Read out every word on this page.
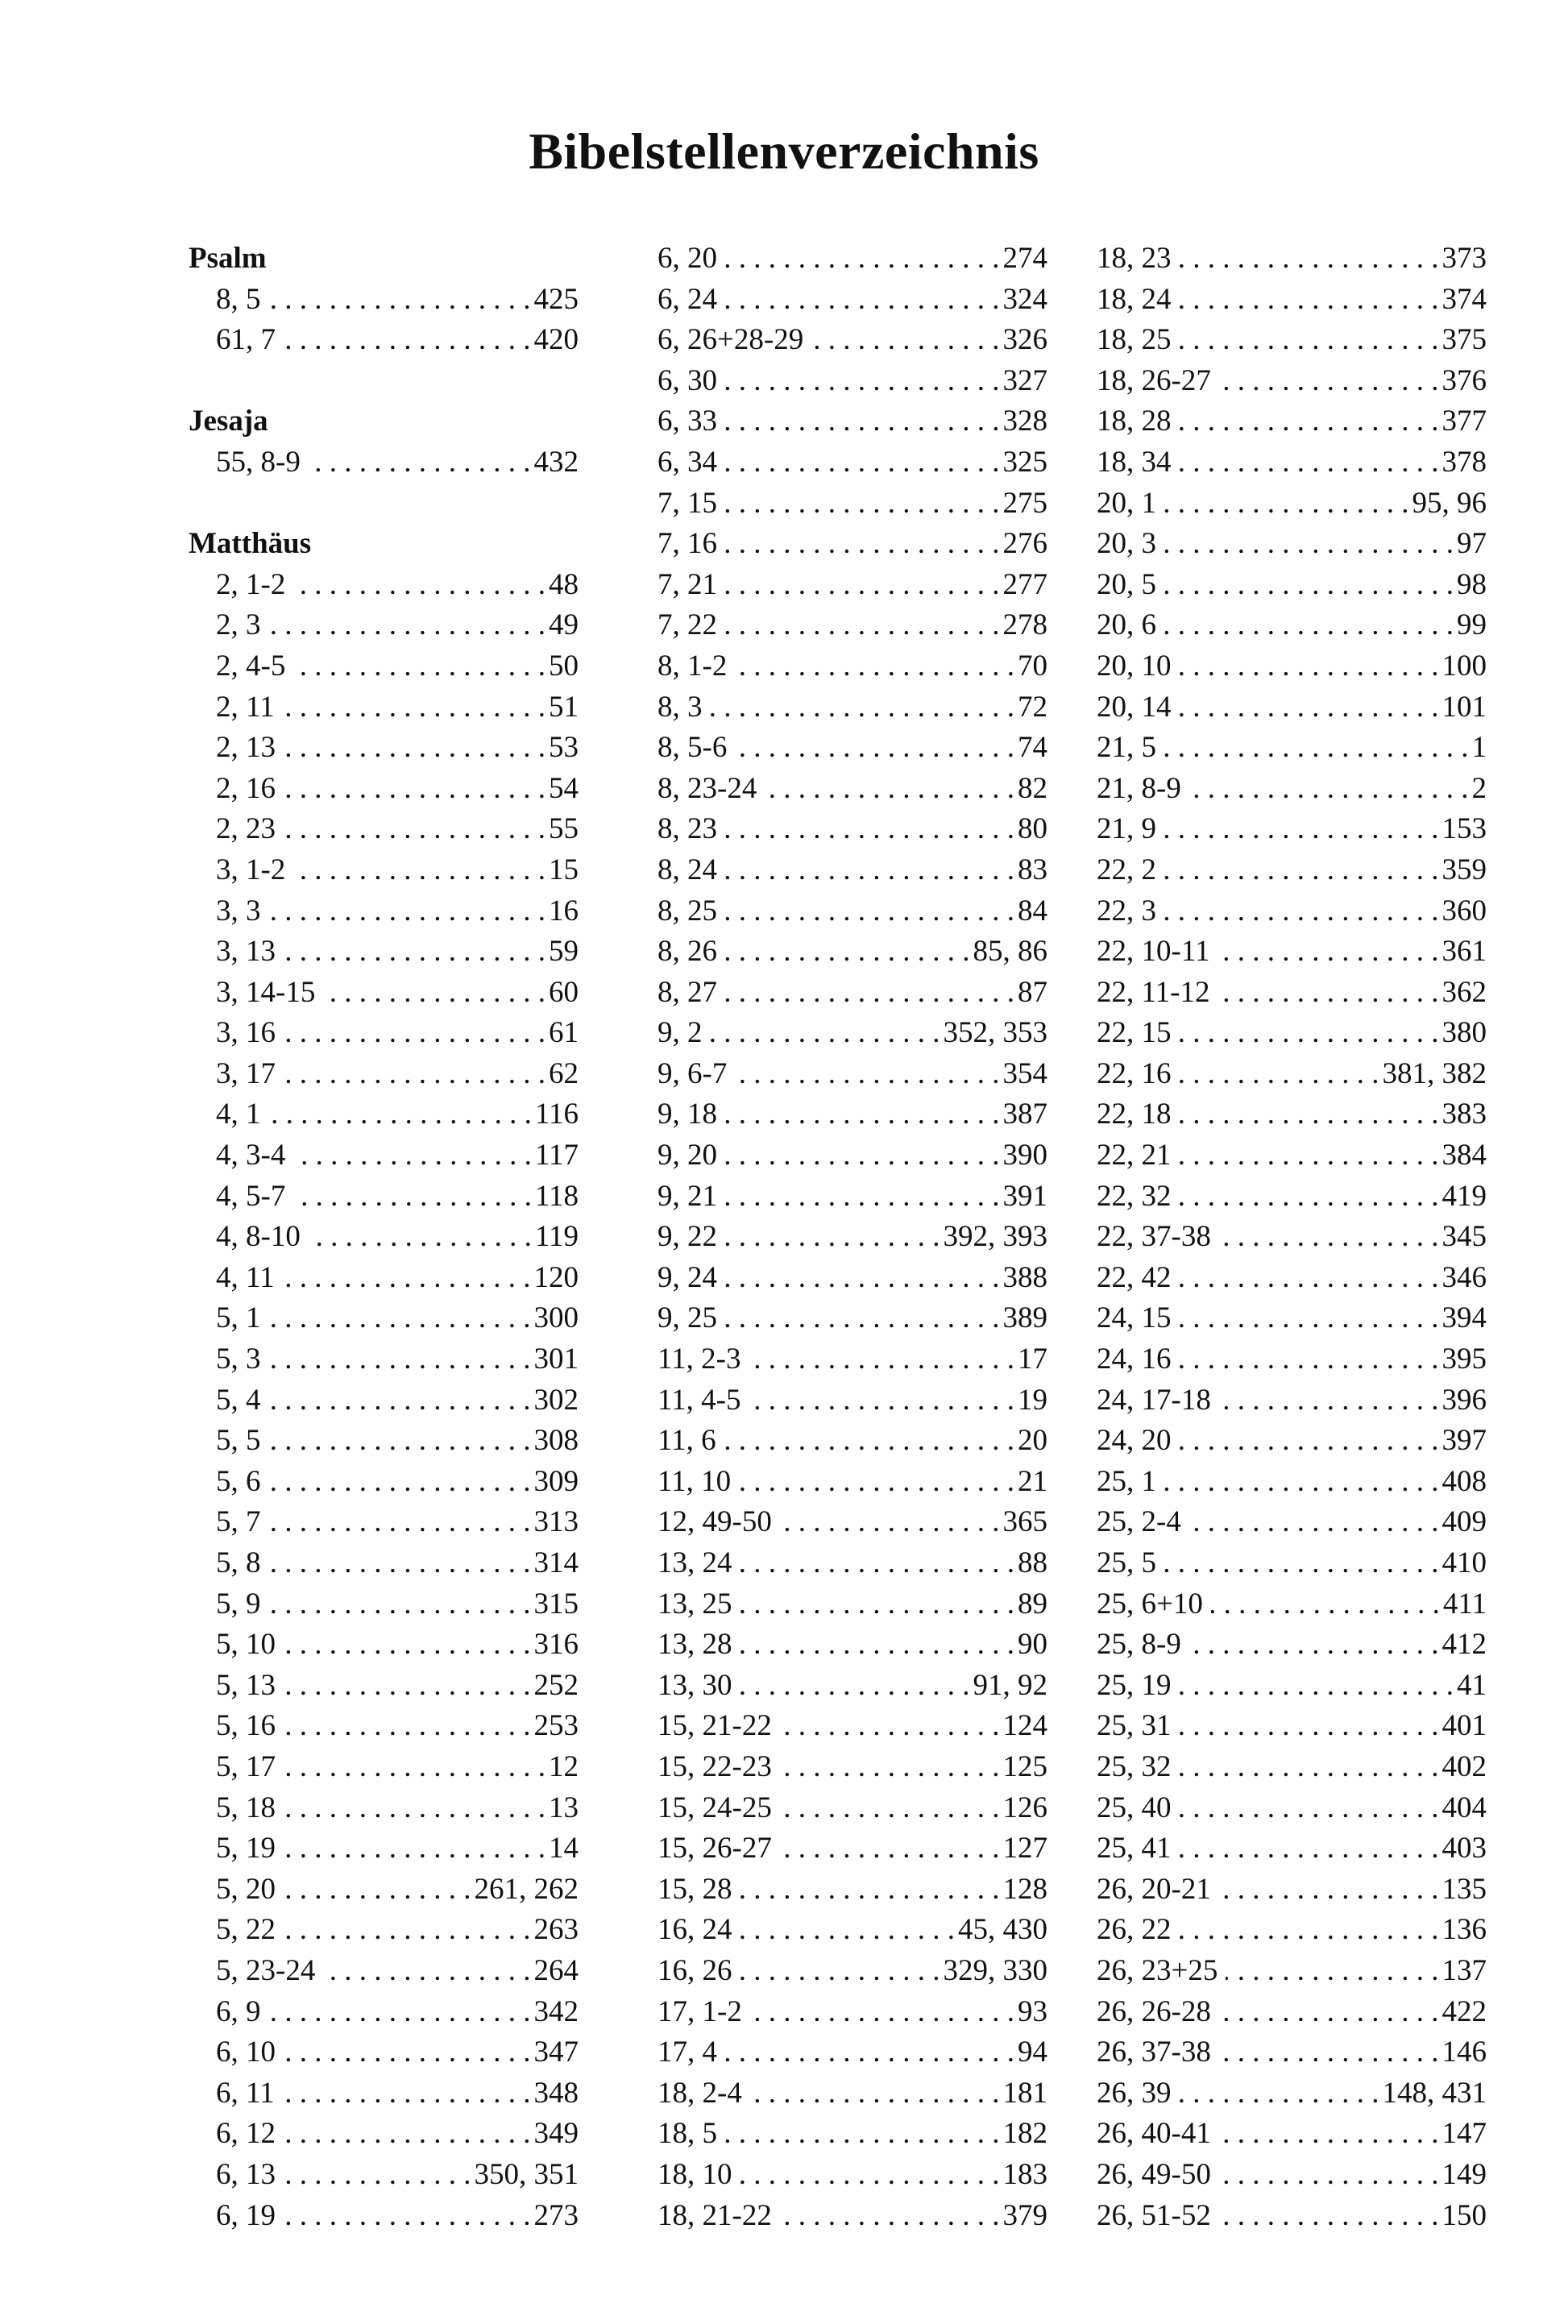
Bibelstellenverzeichnis
Psalm
8, 5 . . .	425
61, 7 . . .	420
Jesaja
55, 8-9 . . .	432
Matthäus
2, 1-2 . . .	48
2, 3 . . .	49
2, 4-5 . . .	50
2, 11 . . .	51
2, 13 . . .	53
2, 16 . . .	54
2, 23 . . .	55
3, 1-2 . . .	15
3, 3 . . .	16
3, 13 . . .	59
3, 14-15 . . .	60
3, 16 . . .	61
3, 17 . . .	62
4, 1 . . .	116
4, 3-4 . . .	117
4, 5-7 . . .	118
4, 8-10 . . .	119
4, 11 . . .	120
5, 1 . . .	300
5, 3 . . .	301
5, 4 . . .	302
5, 5 . . .	308
5, 6 . . .	309
5, 7 . . .	313
5, 8 . . .	314
5, 9 . . .	315
5, 10 . . .	316
5, 13 . . .	252
5, 16 . . .	253
5, 17 . . .	12
5, 18 . . .	13
5, 19 . . .	14
5, 20 . . .	261, 262
5, 22 . . .	263
5, 23-24 . . .	264
6, 9 . . .	342
6, 10 . . .	347
6, 11 . . .	348
6, 12 . . .	349
6, 13 . . .	350, 351
6, 19 . . .	273
6, 20 . . .	274
6, 24 . . .	324
6, 26+28-29 . . .	326
6, 30 . . .	327
6, 33 . . .	328
6, 34 . . .	325
7, 15 . . .	275
7, 16 . . .	276
7, 21 . . .	277
7, 22 . . .	278
8, 1-2 . . .	70
8, 3 . . .	72
8, 5-6 . . .	74
8, 23-24 . . .	82
8, 23 . . .	80
8, 24 . . .	83
8, 25 . . .	84
8, 26 . . .	85, 86
8, 27 . . .	87
9, 2 . . .	352, 353
9, 6-7 . . .	354
9, 18 . . .	387
9, 20 . . .	390
9, 21 . . .	391
9, 22 . . .	392, 393
9, 24 . . .	388
9, 25 . . .	389
11, 2-3 . . .	17
11, 4-5 . . .	19
11, 6 . . .	20
11, 10 . . .	21
12, 49-50 . . .	365
13, 24 . . .	88
13, 25 . . .	89
13, 28 . . .	90
13, 30 . . .	91, 92
15, 21-22 . . .	124
15, 22-23 . . .	125
15, 24-25 . . .	126
15, 26-27 . . .	127
15, 28 . . .	128
16, 24 . . .	45, 430
16, 26 . . .	329, 330
17, 1-2 . . .	93
17, 4 . . .	94
18, 2-4 . . .	181
18, 5 . . .	182
18, 10 . . .	183
18, 21-22 . . .	379
18, 23 . . .	373
18, 24 . . .	374
18, 25 . . .	375
18, 26-27 . . .	376
18, 28 . . .	377
18, 34 . . .	378
20, 1 . . .	95, 96
20, 3 . . .	97
20, 5 . . .	98
20, 6 . . .	99
20, 10 . . .	100
20, 14 . . .	101
21, 5 . . .	1
21, 8-9 . . .	2
21, 9 . . .	153
22, 2 . . .	359
22, 3 . . .	360
22, 10-11 . . .	361
22, 11-12 . . .	362
22, 15 . . .	380
22, 16 . . .	381, 382
22, 18 . . .	383
22, 21 . . .	384
22, 32 . . .	419
22, 37-38 . . .	345
22, 42 . . .	346
24, 15 . . .	394
24, 16 . . .	395
24, 17-18 . . .	396
24, 20 . . .	397
25, 1 . . .	408
25, 2-4 . . .	409
25, 5 . . .	410
25, 6+10 . . .	411
25, 8-9 . . .	412
25, 19 . . .	41
25, 31 . . .	401
25, 32 . . .	402
25, 40 . . .	404
25, 41 . . .	403
26, 20-21 . . .	135
26, 22 . . .	136
26, 23+25 . . .	137
26, 26-28 . . .	422
26, 37-38 . . .	146
26, 39 . . .	148, 431
26, 40-41 . . .	147
26, 49-50 . . .	149
26, 51-52 . . .	150
